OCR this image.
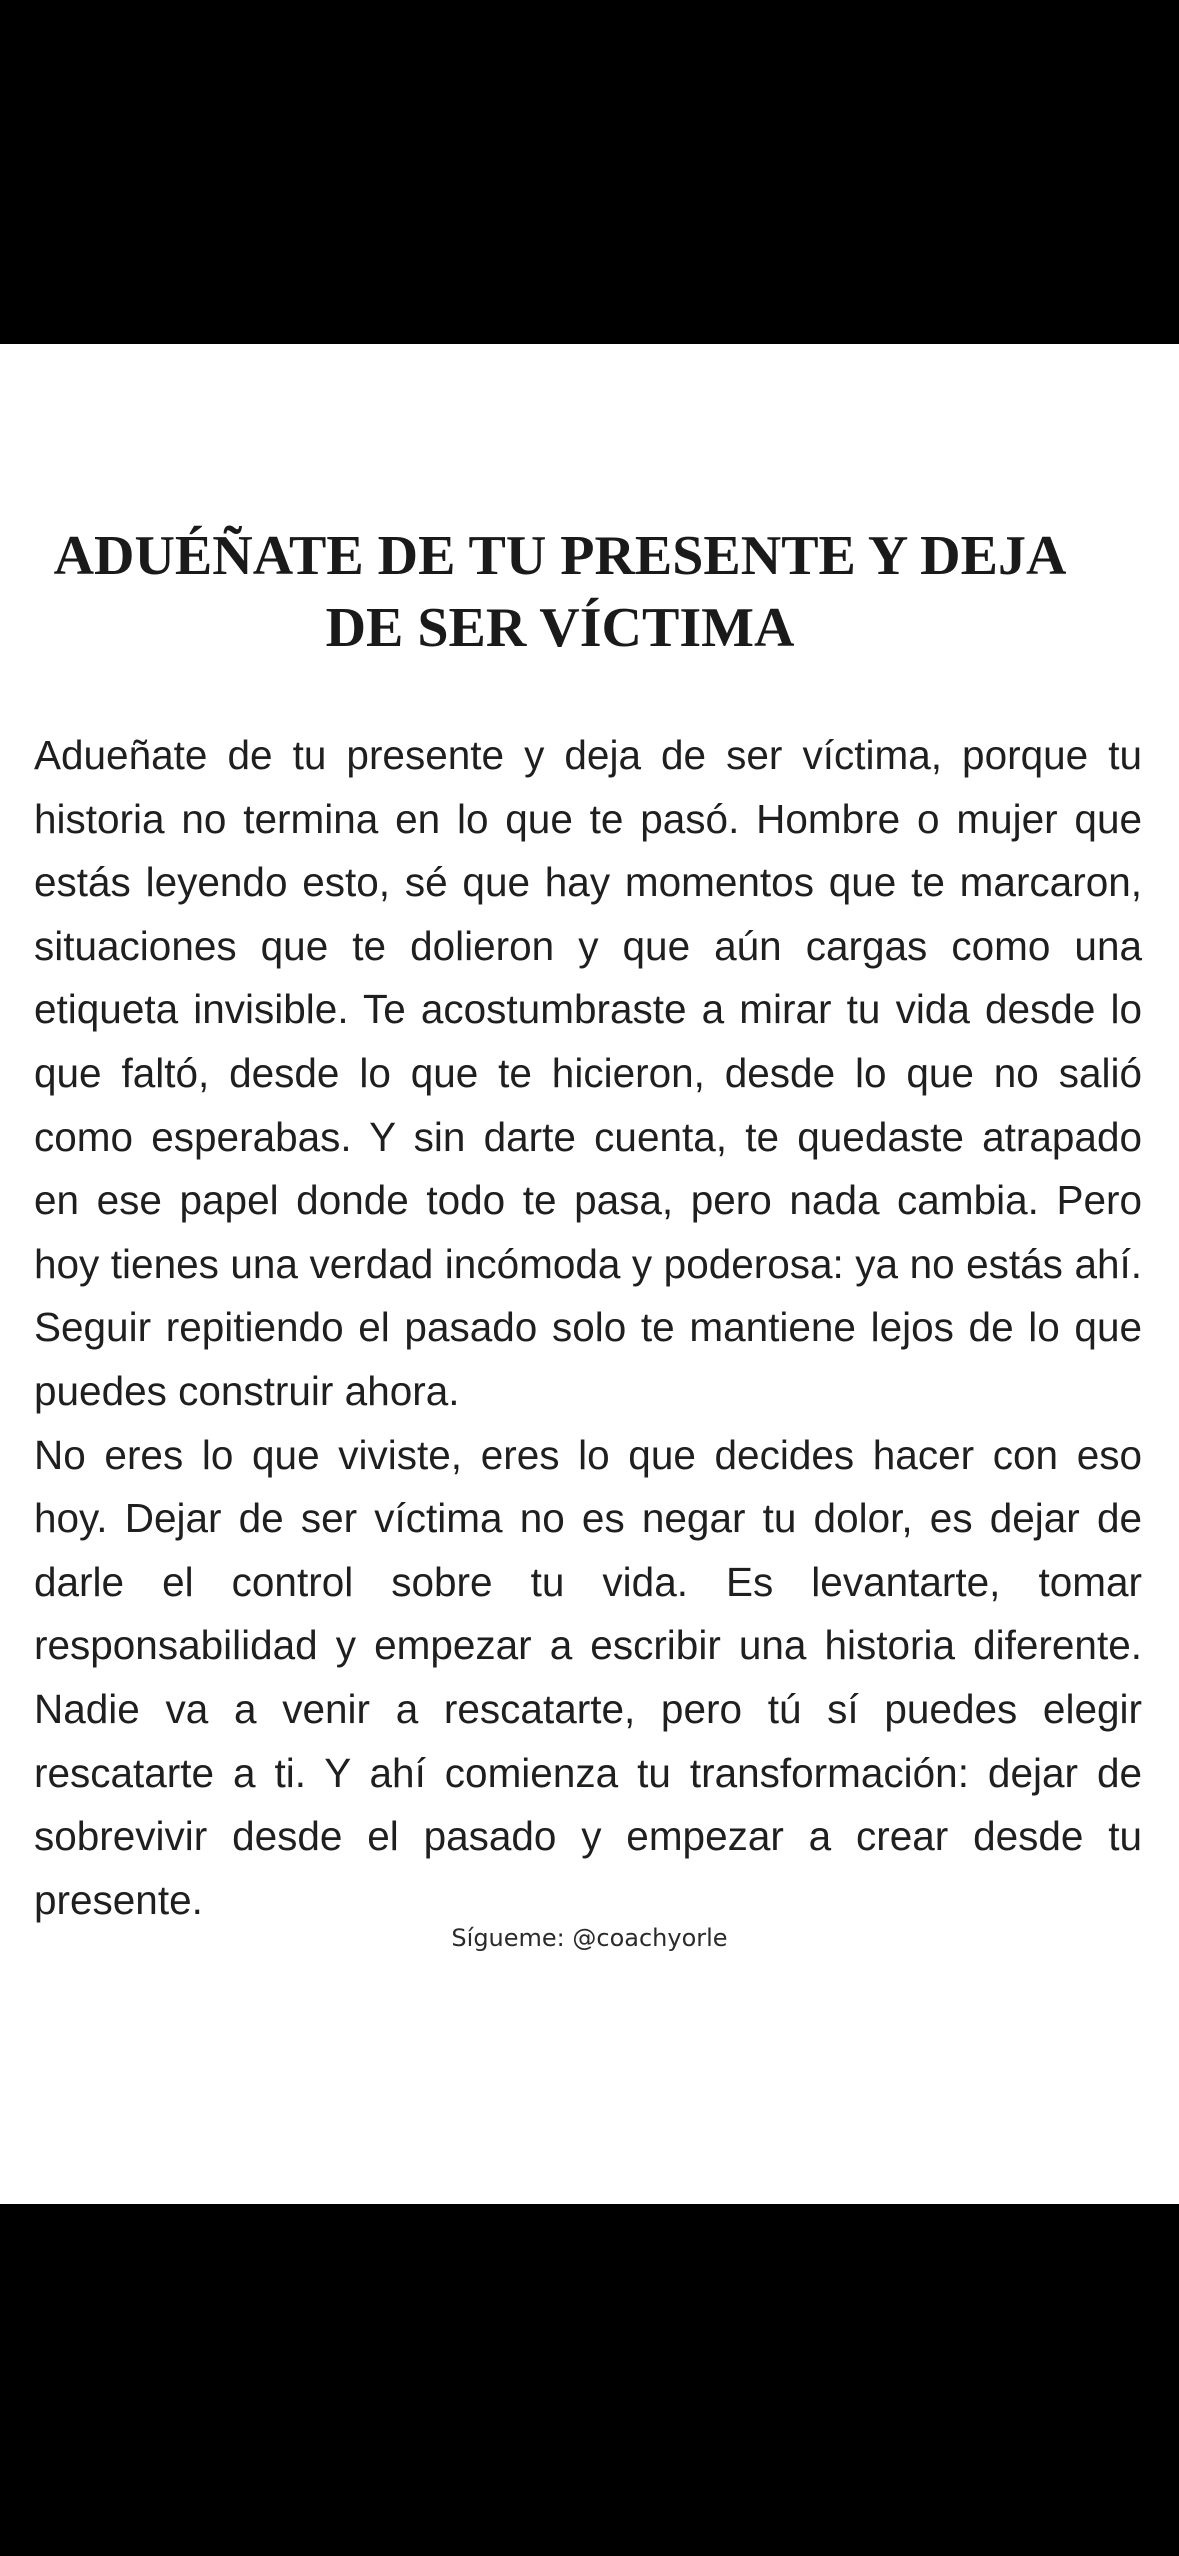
ADUÉÑATE DE TU PRESENTE Y DEJA
DE SER VÍCTIMA

Adueñate de tu presente y deja de ser víctima, porque tu historia no termina en lo que te pasó. Hombre o mujer que estás leyendo esto, sé que hay momentos que te marcaron, situaciones que te dolieron y que aún cargas como una etiqueta invisible. Te acostumbraste a mirar tu vida desde lo que faltó, desde lo que te hicieron, desde lo que no salió como esperabas. Y sin darte cuenta, te quedaste atrapado en ese papel donde todo te pasa, pero nada cambia. Pero hoy tienes una verdad incómoda y poderosa: ya no estás ahí. Seguir repitiendo el pasado solo te mantiene lejos de lo que puedes construir ahora.

No eres lo que viviste, eres lo que decides hacer con eso hoy. Dejar de ser víctima no es negar tu dolor, es dejar de darle el control sobre tu vida. Es levantarte, tomar responsabilidad y empezar a escribir una historia diferente. Nadie va a venir a rescatarte, pero tú sí puedes elegir rescatarte a ti. Y ahí comienza tu transformación: dejar de sobrevivir desde el pasado y empezar a crear desde tu presente.

Sígueme: @coachyorle
